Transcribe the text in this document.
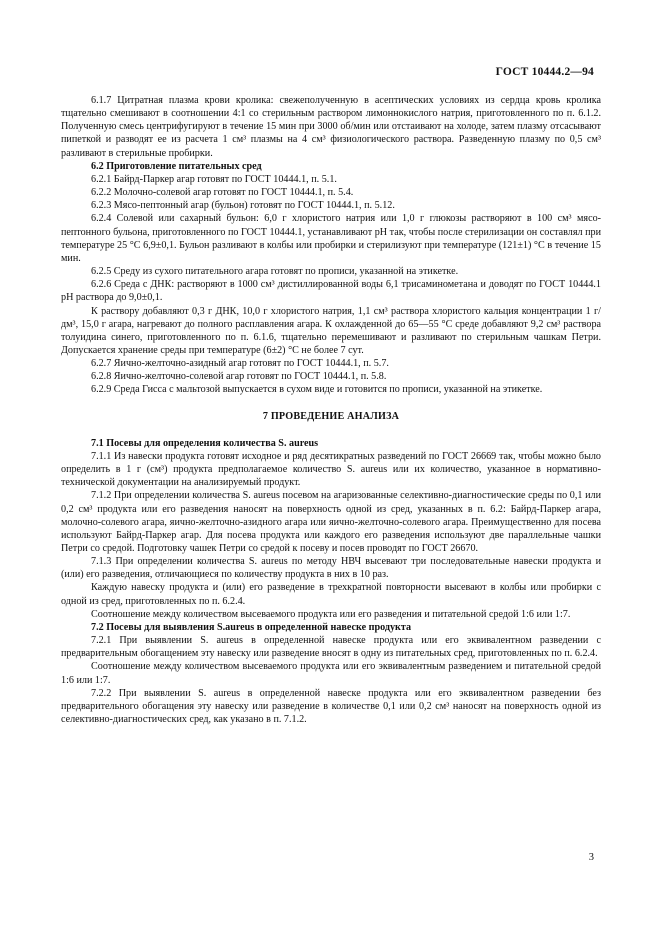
ГОСТ 10444.2—94

6.1.7 Цитратная плазма крови кролика: свежеполученную в асептических условиях из сердца кровь кролика тщательно смешивают в соотношении 4:1 со стерильным раствором лимоннокислого натрия, приготовленного по п. 6.1.2. Полученную смесь центрифугируют в течение 15 мин при 3000 об/мин или отстаивают на холоде, затем плазму отсасывают пипеткой и разводят ее из расчета 1 см³ плазмы на 4 см³ физиологического раствора. Разведенную плазму по 0,5 см³ разливают в стерильные пробирки.

6.2 Приготовление питательных сред

6.2.1 Байрд-Паркер агар готовят по ГОСТ 10444.1, п. 5.1.

6.2.2 Молочно-солевой агар готовят по ГОСТ 10444.1, п. 5.4.

6.2.3 Мясо-пептонный агар (бульон) готовят по ГОСТ 10444.1, п. 5.12.

6.2.4 Солевой или сахарный бульон: 6,0 г хлористого натрия или 1,0 г глюкозы растворяют в 100 см³ мясо-пептонного бульона, приготовленного по ГОСТ 10444.1, устанавливают pH так, чтобы после стерилизации он составлял при температуре 25 °С 6,9±0,1. Бульон разливают в колбы или пробирки и стерилизуют при температуре (121±1) °С в течение 15 мин.

6.2.5 Среду из сухого питательного агара готовят по прописи, указанной на этикетке.

6.2.6 Среда с ДНК: растворяют в 1000 см³ дистиллированной воды 6,1 трисаминометана и доводят по ГОСТ 10444.1 pH раствора до 9,0±0,1.

К раствору добавляют 0,3 г ДНК, 10,0 г хлористого натрия, 1,1 см³ раствора хлористого кальция концентрации 1 г/дм³, 15,0 г агара, нагревают до полного расплавления агара. К охлажденной до 65—55 °С среде добавляют 9,2 см³ раствора толуидина синего, приготовленного по п. 6.1.6, тщательно перемешивают и разливают по стерильным чашкам Петри. Допускается хранение среды при температуре (6±2) °С не более 7 сут.

6.2.7 Яично-желточно-азидный агар готовят по ГОСТ 10444.1, п. 5.7.

6.2.8 Яично-желточно-солевой агар готовят по ГОСТ 10444.1, п. 5.8.

6.2.9 Среда Гисса с мальтозой выпускается в сухом виде и готовится по прописи, указанной на этикетке.

7 ПРОВЕДЕНИЕ АНАЛИЗА

7.1 Посевы для определения количества S. aureus

7.1.1 Из навески продукта готовят исходное и ряд десятикратных разведений по ГОСТ 26669 так, чтобы можно было определить в 1 г (см³) продукта предполагаемое количество S. aureus или их количество, указанное в нормативно-технической документации на анализируемый продукт.

7.1.2 При определении количества S. aureus посевом на агаризованные селективно-диагностические среды по 0,1 или 0,2 см³ продукта или его разведения наносят на поверхность одной из сред, указанных в п. 6.2: Байрд-Паркер агара, молочно-солевого агара, яично-желточно-азидного агара или яично-желточно-солевого агара. Преимущественно для посева используют Байрд-Паркер агар. Для посева продукта или каждого его разведения используют две параллельные чашки Петри со средой. Подготовку чашек Петри со средой к посеву и посев проводят по ГОСТ 26670.

7.1.3 При определении количества S. aureus по методу НВЧ высевают три последовательные навески продукта и (или) его разведения, отличающиеся по количеству продукта в них в 10 раз.

Каждую навеску продукта и (или) его разведение в трехкратной повторности высевают в колбы или пробирки с одной из сред, приготовленных по п. 6.2.4.

Соотношение между количеством высеваемого продукта или его разведения и питательной средой 1:6 или 1:7.

7.2 Посевы для выявления S.aureus в определенной навеске продукта

7.2.1 При выявлении S. aureus в определенной навеске продукта или его эквивалентном разведении с предварительным обогащением эту навеску или разведение вносят в одну из питательных сред, приготовленных по п. 6.2.4.

Соотношение между количеством высеваемого продукта или его эквивалентным разведением и питательной средой 1:6 или 1:7.

7.2.2 При выявлении S. aureus в определенной навеске продукта или его эквивалентном разведении без предварительного обогащения эту навеску или разведение в количестве 0,1 или 0,2 см³ наносят на поверхность одной из селективно-диагностических сред, как указано в п. 7.1.2.

3
